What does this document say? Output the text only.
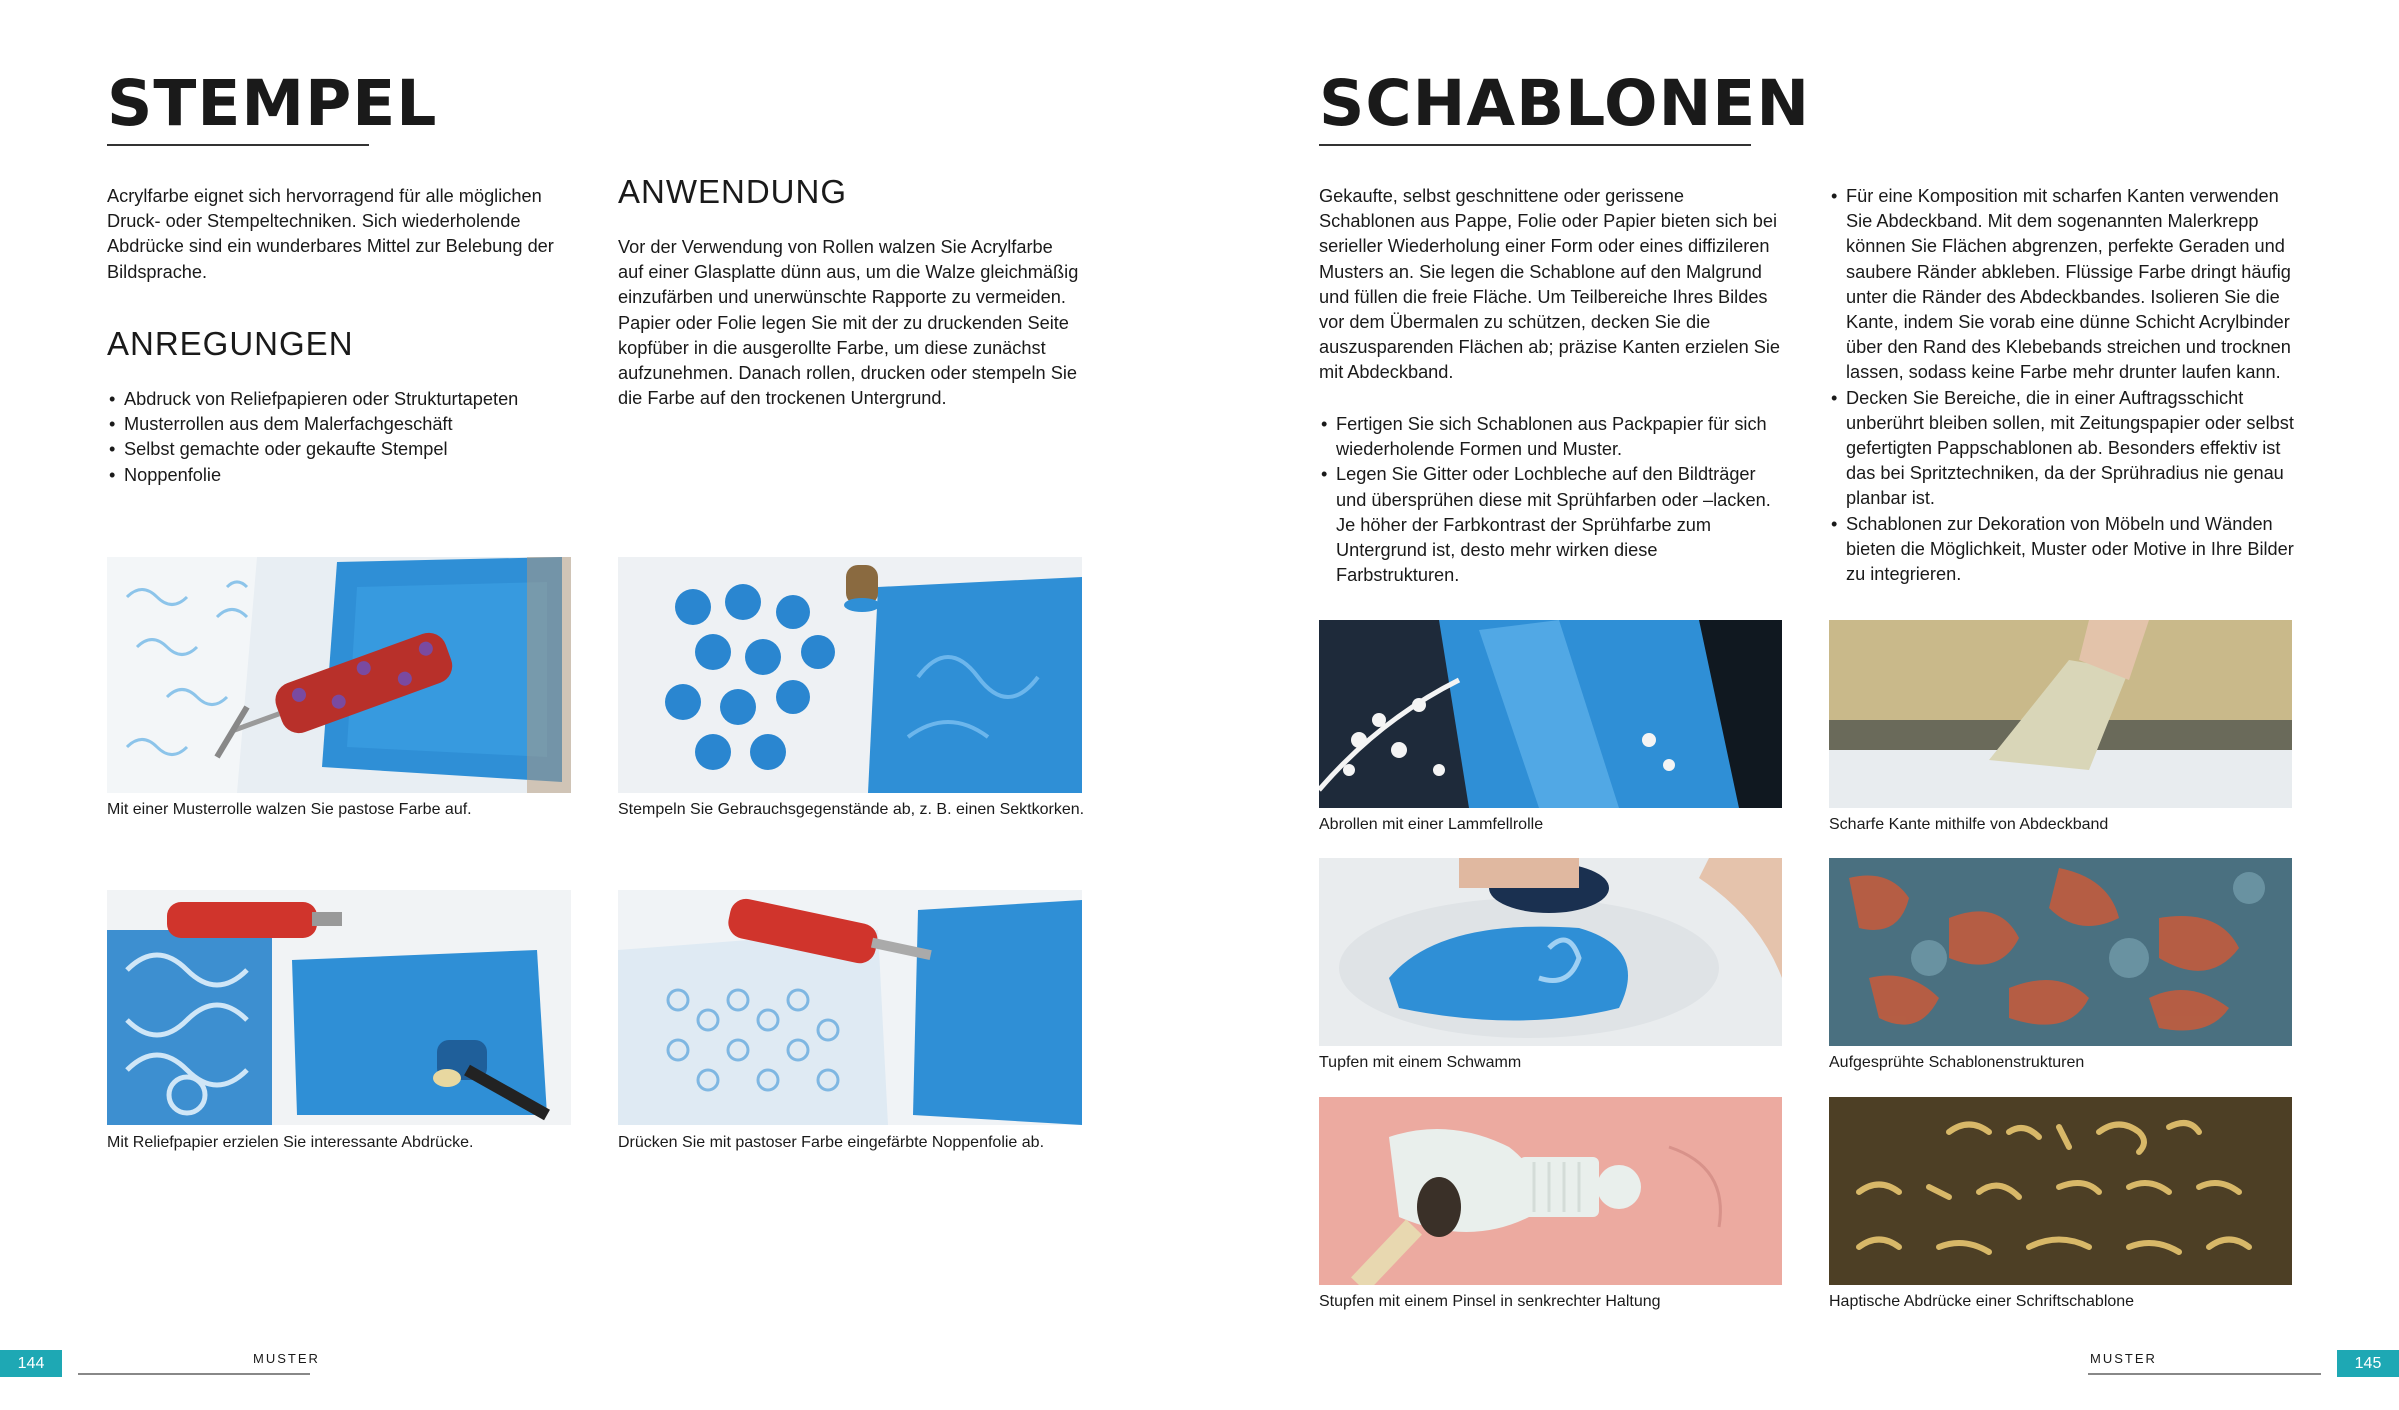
STEMPEL

Acrylfarbe eignet sich hervorragend für alle möglichen Druck- oder Stempeltechniken. Sich wiederholende Abdrücke sind ein wunderbares Mittel zur Belebung der Bildsprache.

ANREGUNGEN
• Abdruck von Reliefpapieren oder Strukturtapeten
• Musterrollen aus dem Malerfachgeschäft
• Selbst gemachte oder gekaufte Stempel
• Noppenfolie
ANWENDUNG

Vor der Verwendung von Rollen walzen Sie Acrylfarbe auf einer Glasplatte dünn aus, um die Walze gleichmäßig einzufärben und unerwünschte Rapporte zu vermeiden. Papier oder Folie legen Sie mit der zu druckenden Seite kopfüber in die ausgerollte Farbe, um diese zunächst aufzunehmen. Danach rollen, drucken oder stempeln Sie die Farbe auf den trockenen Untergrund.

Mit einer Musterrolle walzen Sie pastose Farbe auf.	Stempeln Sie Gebrauchsgegenstände ab, z. B. einen Sektkorken.

Mit Reliefpapier erzielen Sie interessante Abdrücke.	Drücken Sie mit pastoser Farbe eingefärbte Noppenfolie ab.

144	MUSTER
SCHABLONEN

Gekaufte, selbst geschnittene oder gerissene Schablonen aus Pappe, Folie oder Papier bieten sich bei serieller Wiederholung einer Form oder eines diffizileren Musters an. Sie legen die Schablone auf den Malgrund und füllen die freie Fläche. Um Teilbereiche Ihres Bildes vor dem Übermalen zu schützen, decken Sie die auszusparenden Flächen ab; präzise Kanten erzielen Sie mit Abdeckband.

• Fertigen Sie sich Schablonen aus Packpapier für sich wiederholende Formen und Muster.
• Legen Sie Gitter oder Lochbleche auf den Bildträger und übersprühen diese mit Sprühfarben oder –lacken. Je höher der Farbkontrast der Sprühfarbe zum Untergrund ist, desto mehr wirken diese Farbstrukturen.
• Für eine Komposition mit scharfen Kanten verwenden Sie Abdeckband. Mit dem sogenannten Malerkrepp können Sie Flächen abgrenzen, perfekte Geraden und saubere Ränder abkleben. Flüssige Farbe dringt häufig unter die Ränder des Abdeckbandes. Isolieren Sie die Kante, indem Sie vorab eine dünne Schicht Acrylbinder über den Rand des Klebebands streichen und trocknen lassen, sodass keine Farbe mehr drunter laufen kann.
• Decken Sie Bereiche, die in einer Auftragsschicht unberührt bleiben sollen, mit Zeitungspapier oder selbst gefertigten Pappschablonen ab. Besonders effektiv ist das bei Spritztechniken, da der Sprühradius nie genau planbar ist.
• Schablonen zur Dekoration von Möbeln und Wänden bieten die Möglichkeit, Muster oder Motive in Ihre Bilder zu integrieren.

Abrollen mit einer Lammfellrolle	Scharfe Kante mithilfe von Abdeckband

Tupfen mit einem Schwamm	Aufgesprühte Schablonenstrukturen

Stupfen mit einem Pinsel in senkrechter Haltung	Haptische Abdrücke einer Schriftschablone

145
MUSTER
